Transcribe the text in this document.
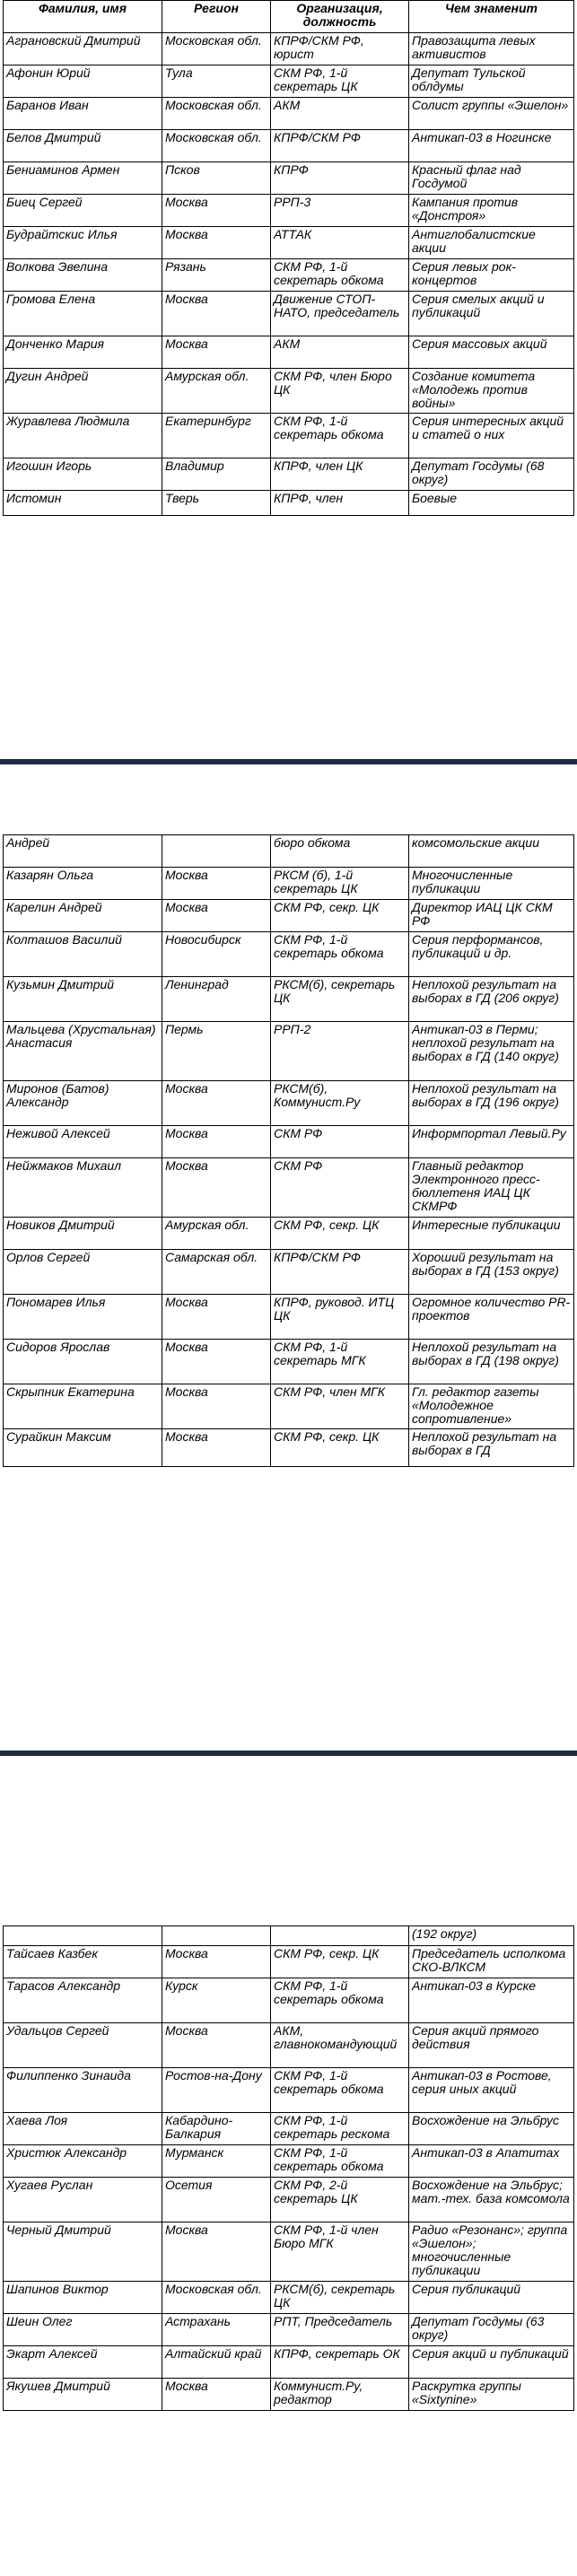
Фамилия, имя	Регион	Организация, должность	Чем знаменит
Аграновский Дмитрий	Московская обл.	КПРФ/СКМ РФ, юрист	Правозащита левых активистов
Афонин Юрий	Тула	СКМ РФ, 1-й секретарь ЦК	Депутат Тульской облдумы
Баранов Иван	Московская обл.	АКМ	Солист группы «Эшелон»
Белов Дмитрий	Московская обл.	КПРФ/СКМ РФ	Антикап-03 в Ногинске
Бениаминов Армен	Псков	КПРФ	Красный флаг над Госдумой
Биец Сергей	Москва	РРП-3	Кампания против «Донстроя»
Будрайтскис Илья	Москва	АТТАК	Антиглобалистские акции
Волкова Эвелина	Рязань	СКМ РФ, 1-й секретарь обкома	Серия левых рок-концертов
Громова Елена	Москва	Движение СТОП-НАТО, председатель	Серия смелых акций и публикаций
Донченко Мария	Москва	АКМ	Серия массовых акций
Дугин Андрей	Амурская обл.	СКМ РФ, член Бюро ЦК	Создание комитета «Молодежь против войны»
Журавлева Людмила	Екатеринбург	СКМ РФ, 1-й секретарь обкома	Серия интересных акций и статей о них
Игошин Игорь	Владимир	КПРФ, член ЦК	Депутат Госдумы (68 округ)
Истомин	Тверь	КПРФ, член	Боевые
Андрей		бюро обкома	комсомольские акции
Казарян Ольга	Москва	РКСМ (б), 1-й секретарь ЦК	Многочисленные публикации
Карелин Андрей	Москва	СКМ РФ, секр. ЦК	Директор ИАЦ ЦК СКМ РФ
Колташов Василий	Новосибирск	СКМ РФ, 1-й секретарь обкома	Серия перформансов, публикаций и др.
Кузьмин Дмитрий	Ленинград	РКСМ(б), секретарь ЦК	Неплохой результат на выборах в ГД (206 округ)
Мальцева (Хрустальная) Анастасия	Пермь	РРП-2	Антикап-03 в Перми; неплохой результат на выборах в ГД (140 округ)
Миронов (Батов) Александр	Москва	РКСМ(б), Коммунист.Ру	Неплохой результат на выборах в ГД (196 округ)
Неживой Алексей	Москва	СКМ РФ	Информпортал Левый.Ру
Нейжмаков Михаил	Москва	СКМ РФ	Главный редактор Электронного пресс-бюллетеня ИАЦ ЦК СКМРФ
Новиков Дмитрий	Амурская обл.	СКМ РФ, секр. ЦК	Интересные публикации
Орлов Сергей	Самарская обл.	КПРФ/СКМ РФ	Хороший результат на выборах в ГД (153 округ)
Пономарев Илья	Москва	КПРФ, руковод. ИТЦ ЦК	Огромное количество PR-проектов
Сидоров Ярослав	Москва	СКМ РФ, 1-й секретарь МГК	Неплохой результат на выборах в ГД (198 округ)
Скрыпник Екатерина	Москва	СКМ РФ, член МГК	Гл. редактор газеты «Молодежное сопротивление»
Сурайкин Максим	Москва	СКМ РФ, секр. ЦК	Неплохой результат на выборах в ГД
			(192 округ)
Тайсаев Казбек	Москва	СКМ РФ, секр. ЦК	Председатель исполкома СКО-ВЛКСМ
Тарасов Александр	Курск	СКМ РФ, 1-й секретарь обкома	Антикап-03 в Курске
Удальцов Сергей	Москва	АКМ, главнокомандующий	Серия акций прямого действия
Филиппенко Зинаида	Ростов-на-Дону	СКМ РФ, 1-й секретарь обкома	Антикап-03 в Ростове, серия иных акций
Хаева Лоя	Кабардино-Балкария	СКМ РФ, 1-й секретарь рескома	Восхождение на Эльбрус
Христюк Александр	Мурманск	СКМ РФ, 1-й секретарь обкома	Антикап-03 в Апатитах
Хугаев Руслан	Осетия	СКМ РФ, 2-й секретарь ЦК	Восхождение на Эльбрус; мат.-тех. база комсомола
Черный Дмитрий	Москва	СКМ РФ, 1-й член Бюро МГК	Радио «Резонанс»; группа «Эшелон»; многочисленные публикации
Шапинов Виктор	Московская обл.	РКСМ(б), секретарь ЦК	Серия публикаций
Шеин Олег	Астрахань	РПТ, Председатель	Депутат Госдумы (63 округ)
Экарт Алексей	Алтайский край	КПРФ, секретарь ОК	Серия акций и публикаций
Якушев Дмитрий	Москва	Коммунист.Ру, редактор	Раскрутка группы «Sixtynine»
